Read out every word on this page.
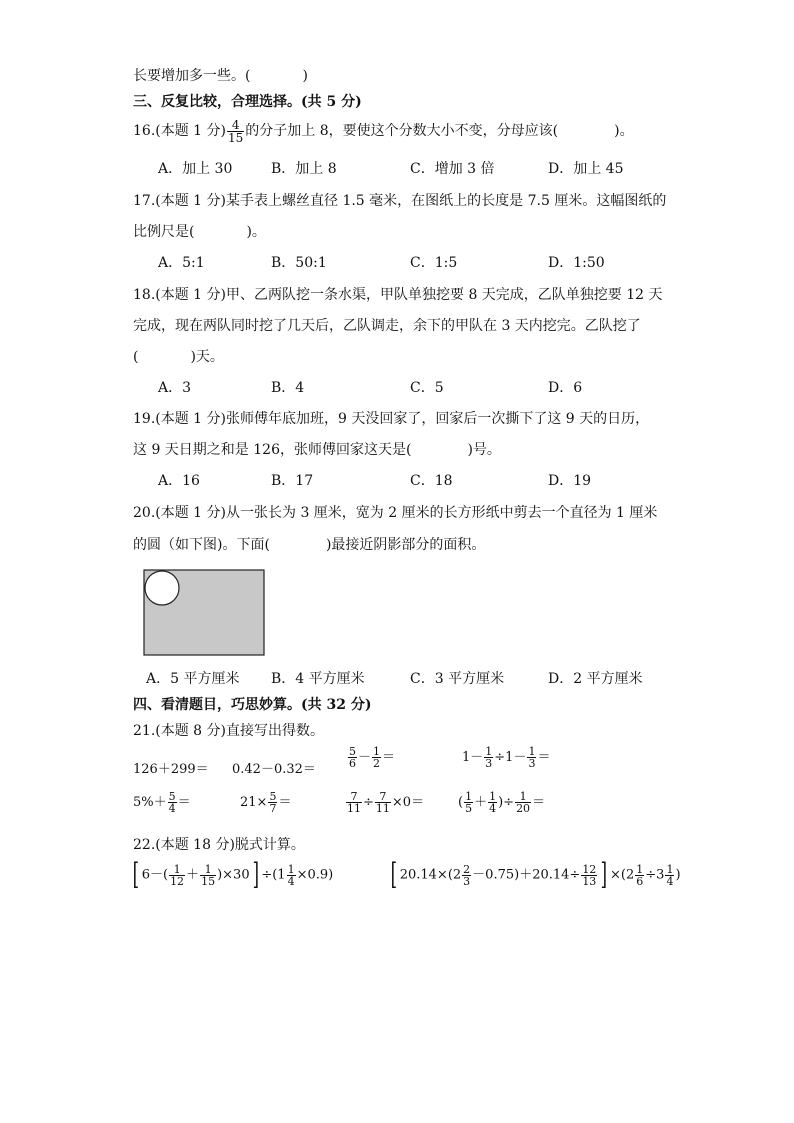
长要增加多一些。(	)
三、反复比较，合理选择。(共 5 分)
16.(本题 1 分) $\frac{4}{15}$ 的分子加上 8，要使这个分数大小不变，分母应该(	)。
A．加上 30	B．加上 8	C．增加 3 倍	D．加上 45
17.(本题 1 分)某手表上螺丝直径 1.5 毫米，在图纸上的长度是 7.5 厘米。这幅图纸的
比例尺是(	)。
A．5:1	B．50:1	C．1:5	D．1:50
18.(本题 1 分)甲、乙两队挖一条水渠，甲队单独挖要 8 天完成，乙队单独挖要 12 天
完成，现在两队同时挖了几天后，乙队调走，余下的甲队在 3 天内挖完。乙队挖了
(	)天。
A．3	B．4	C．5	D．6
19.(本题 1 分)张师傅年底加班，9 天没回家了，回家后一次撕下了这 9 天的日历，
这 9 天日期之和是 126，张师傅回家这天是(	)号。
A．16	B．17	C．18	D．19
20.(本题 1 分)从一张长为 3 厘米，宽为 2 厘米的长方形纸中剪去一个直径为 1 厘米
的圆（如下图)。下面(	)最接近阴影部分的面积。
A．5 平方厘米 B．4 平方厘米	C．3 平方厘米	D．2 平方厘米
四、看清题目，巧思妙算。(共 32 分)
21.(本题 8 分)直接写出得数。
126＋299＝ 0.42－0.32＝
$\frac{5}{6} - \frac{1}{2}$ ＝	$1- \frac{1}{3} \div 1- \frac{1}{3}$ ＝
$5\%+ \frac{5}{4}$ ＝	$21\times \frac{5}{7}$ ＝	$\frac{7}{11} \div \frac{7}{11} \times 0=$	( $\frac{1}{5} + \frac{1}{4}$ )÷ $\frac{1}{20}$ ＝
22.(本题 18 分)脱式计算。
[ $6-( \frac{1}{12} + \frac{1}{15} )\times 30] \div(1 \frac{1}{4} \times 0.9)$ [ $20.14\times(2 \frac{2}{3} -0.75)+20.14\div \frac{12}{13}$ ] $\times(2 \frac{1}{6} \div 3 \frac{1}{4}$ )
